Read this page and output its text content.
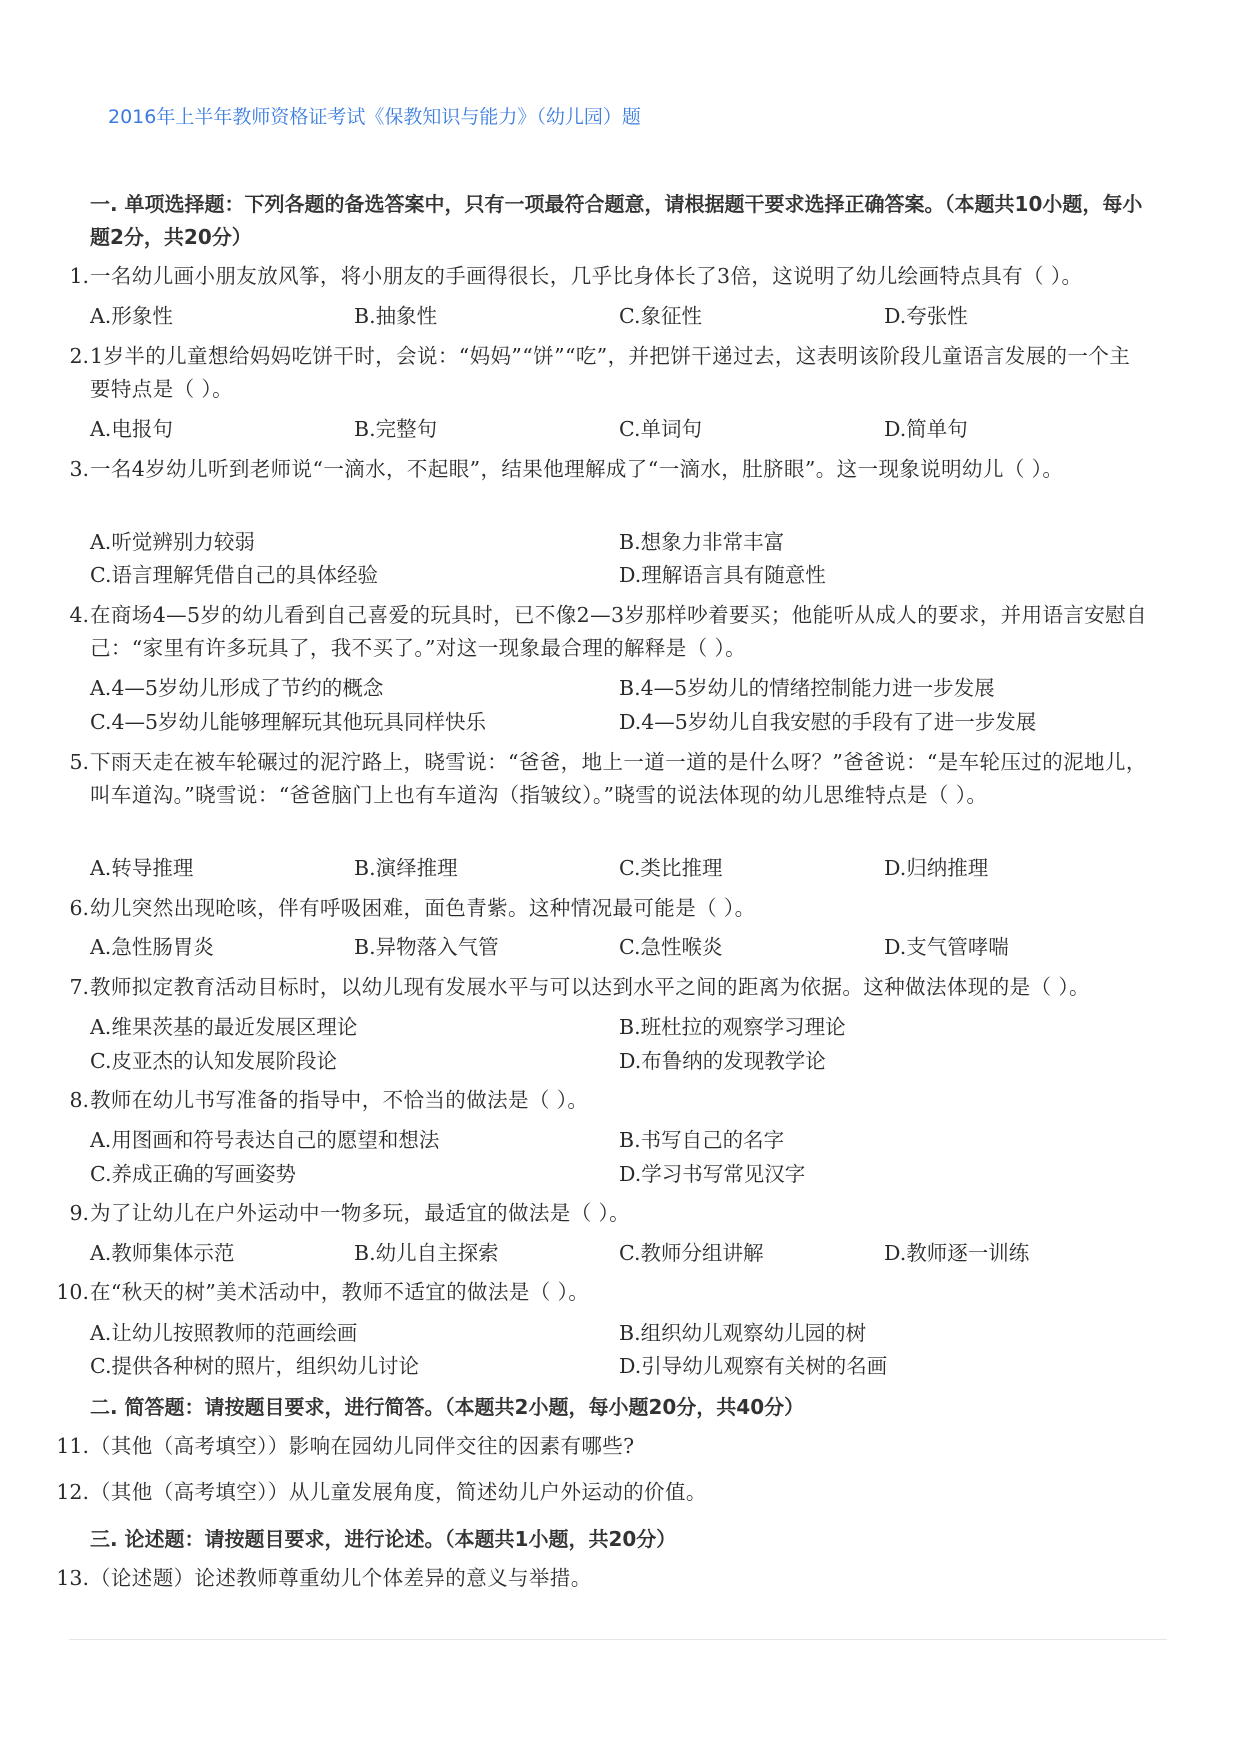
2016年上半年教师资格证考试《保教知识与能力》（幼儿园）题
一. 单项选择题：下列各题的备选答案中，只有一项最符合题意，请根据题干要求选择正确答案。（本题共10小题，每小题2分，共20分）
二. 简答题：请按题目要求，进行简答。（本题共2小题，每小题20分，共40分）
三. 论述题：请按题目要求，进行论述。（本题共1小题，共20分）
1. 一名幼儿画小朋友放风筝，将小朋友的手画得很长，几乎比身体长了3倍，这说明了幼儿绘画特点具有（ ）。
A.形象性	B.抽象性	C.象征性	D.夸张性
2. 1岁半的儿童想给妈妈吃饼干时，会说：“妈妈”“饼”“吃”，并把饼干递过去，这表明该阶段儿童语言发展的一个主要特点是（ ）。
A.电报句	B.完整句	C.单词句	D.简单句
3. 一名4岁幼儿听到老师说“一滴水，不起眼”，结果他理解成了“一滴水，肚脐眼”。这一现象说明幼儿（ ）。
A.听觉辨别力较弱	B.想象力非常丰富
C.语言理解凭借自己的具体经验	D.理解语言具有随意性
4. 在商场4—5岁的幼儿看到自己喜爱的玩具时，已不像2—3岁那样吵着要买；他能听从成人的要求，并用语言安慰自己：“家里有许多玩具了，我不买了。”对这一现象最合理的解释是（ ）。
A.4—5岁幼儿形成了节约的概念	B.4—5岁幼儿的情绪控制能力进一步发展
C.4—5岁幼儿能够理解玩其他玩具同样快乐	D.4—5岁幼儿自我安慰的手段有了进一步发展
5. 下雨天走在被车轮碾过的泥泞路上，晓雪说：“爸爸，地上一道一道的是什么呀？”爸爸说：“是车轮压过的泥地儿，叫车道沟。”晓雪说：“爸爸脑门上也有车道沟（指皱纹）。”晓雪的说法体现的幼儿思维特点是（ ）。
A.转导推理	B.演绎推理	C.类比推理	D.归纳推理
6. 幼儿突然出现呛咳，伴有呼吸困难，面色青紫。这种情况最可能是（ ）。
A.急性肠胃炎	B.异物落入气管	C.急性喉炎	D.支气管哮喘
7. 教师拟定教育活动目标时，以幼儿现有发展水平与可以达到水平之间的距离为依据。这种做法体现的是（ ）。
A.维果茨基的最近发展区理论	B.班杜拉的观察学习理论
C.皮亚杰的认知发展阶段论	D.布鲁纳的发现教学论
8. 教师在幼儿书写准备的指导中，不恰当的做法是（ ）。
A.用图画和符号表达自己的愿望和想法	B.书写自己的名字
C.养成正确的写画姿势	D.学习书写常见汉字
9. 为了让幼儿在户外运动中一物多玩，最适宜的做法是（ ）。
A.教师集体示范	B.幼儿自主探索	C.教师分组讲解	D.教师逐一训练
10. 在“秋天的树”美术活动中，教师不适宜的做法是（ ）。
A.让幼儿按照教师的范画绘画	B.组织幼儿观察幼儿园的树
C.提供各种树的照片，组织幼儿讨论	D.引导幼儿观察有关树的名画
11. （其他（高考填空））影响在园幼儿同伴交往的因素有哪些?
12. （其他（高考填空））从儿童发展角度，简述幼儿户外运动的价值。
13. （论述题）论述教师尊重幼儿个体差异的意义与举措。
